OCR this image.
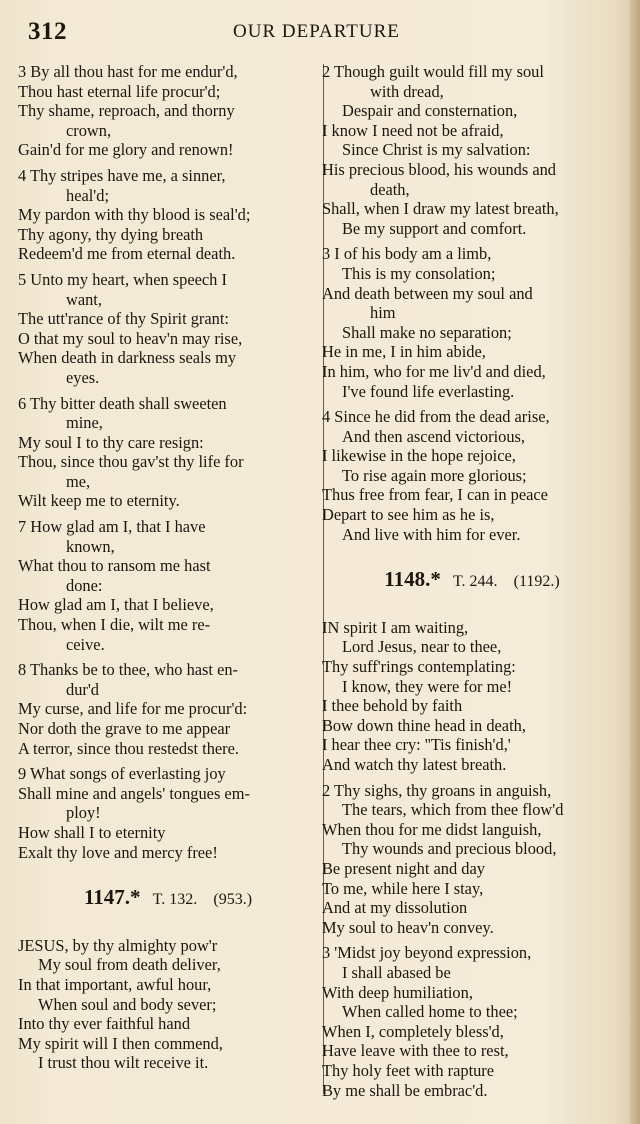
312	OUR DEPARTURE
3 By all thou hast for me endur'd,
Thou hast eternal life procur'd;
Thy shame, reproach, and thorny
crown,
Gain'd for me glory and renown!
4 Thy stripes have me, a sinner,
heal'd;
My pardon with thy blood is seal'd;
Thy agony, thy dying breath
Redeem'd me from eternal death.
5 Unto my heart, when speech I
want,
The utt'rance of thy Spirit grant:
O that my soul to heav'n may rise,
When death in darkness seals my
eyes.
6 Thy bitter death shall sweeten
mine,
My soul I to thy care resign:
Thou, since thou gav'st thy life for
me,
Wilt keep me to eternity.
7 How glad am I, that I have
known,
What thou to ransom me hast
done:
How glad am I, that I believe,
Thou, when I die, wilt me re-
ceive.
8 Thanks be to thee, who hast en-
dur'd
My curse, and life for me procur'd:
Nor doth the grave to me appear
A terror, since thou restedst there.
9 What songs of everlasting joy
Shall mine and angels' tongues em-
ploy!
How shall I to eternity
Exalt thy love and mercy free!
1147.* T. 132. (953.)
JESUS, by thy almighty pow'r
My soul from death deliver,
In that important, awful hour,
When soul and body sever;
Into thy ever faithful hand
My spirit will I then commend,
I trust thou wilt receive it.
2 Though guilt would fill my soul
with dread,
Despair and consternation,
I know I need not be afraid,
Since Christ is my salvation:
His precious blood, his wounds and
death,
Shall, when I draw my latest breath,
Be my support and comfort.
3 I of his body am a limb,
This is my consolation;
And death between my soul and
him
Shall make no separation;
He in me, I in him abide,
In him, who for me liv'd and died,
I've found life everlasting.
4 Since he did from the dead arise,
And then ascend victorious,
I likewise in the hope rejoice,
To rise again more glorious;
Thus free from fear, I can in peace
Depart to see him as he is,
And live with him for ever.
1148.* T. 244. (1192.)
IN spirit I am waiting,
Lord Jesus, near to thee,
Thy suff'rings contemplating:
I know, they were for me!
I thee behold by faith
Bow down thine head in death,
I hear thee cry: ''Tis finish'd,'
And watch thy latest breath.
2 Thy sighs, thy groans in anguish,
The tears, which from thee flow'd
When thou for me didst languish,
Thy wounds and precious blood,
Be present night and day
To me, while here I stay,
And at my dissolution
My soul to heav'n convey.
3 'Midst joy beyond expression,
I shall abased be
With deep humiliation,
When called home to thee;
When I, completely bless'd,
Have leave with thee to rest,
Thy holy feet with rapture
By me shall be embrac'd.
